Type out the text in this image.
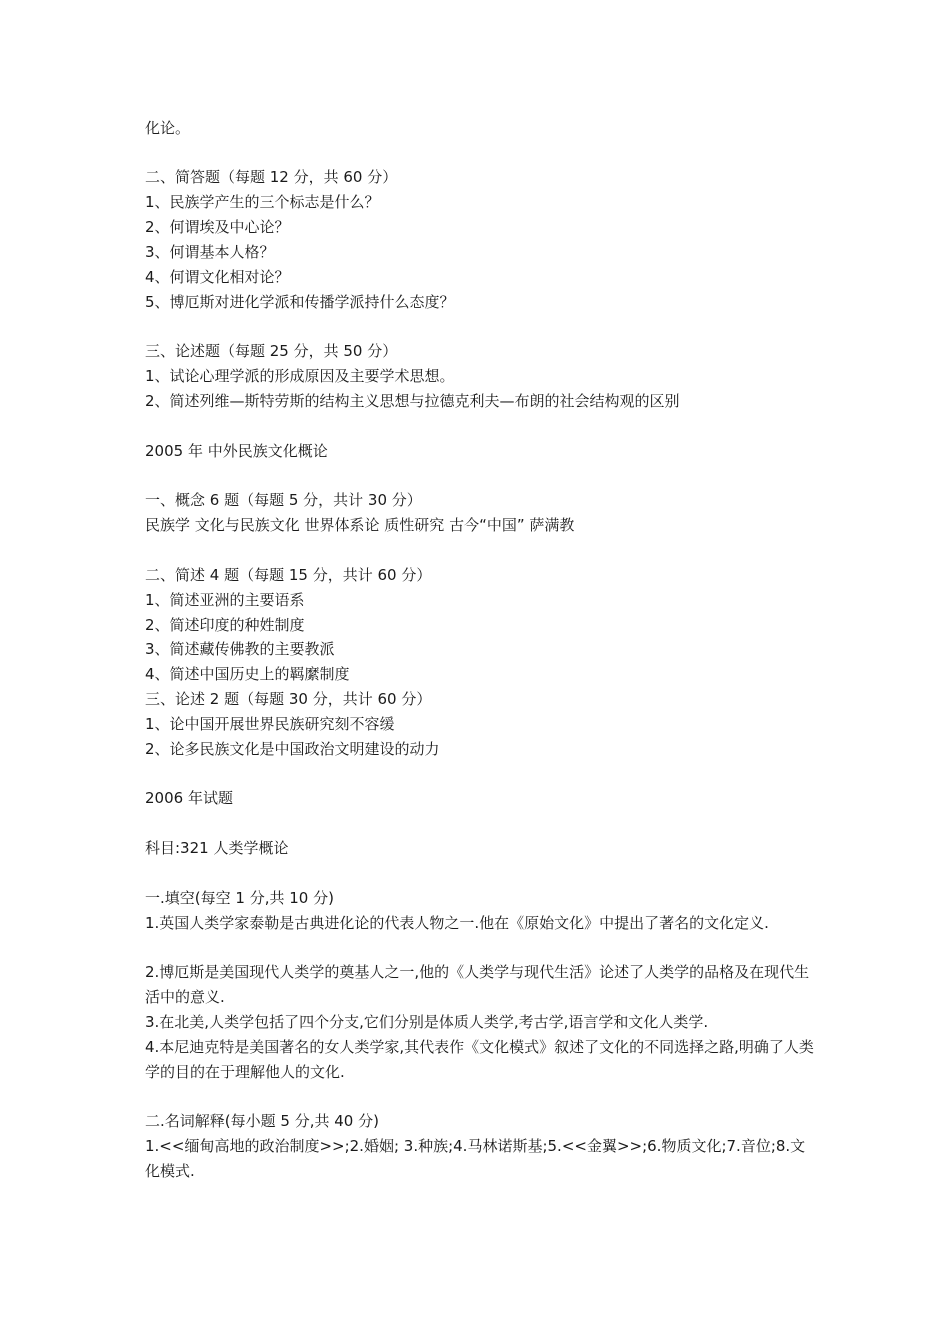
化论。

二、简答题（每题 12 分，共 60 分）

1、民族学产生的三个标志是什么？

2、何谓埃及中心论？

3、何谓基本人格？

4、何谓文化相对论？

5、博厄斯对进化学派和传播学派持什么态度？

三、论述题（每题 25 分，共 50 分）

1、试论心理学派的形成原因及主要学术思想。

2、简述列维—斯特劳斯的结构主义思想与拉德克利夫—布朗的社会结构观的区别

2005 年 中外民族文化概论

一、概念 6 题（每题 5 分，共计 30 分）

民族学 文化与民族文化 世界体系论 质性研究 古今“中国” 萨满教

二、简述 4 题（每题 15 分，共计 60 分）

1、简述亚洲的主要语系

2、简述印度的种姓制度

3、简述藏传佛教的主要教派

4、简述中国历史上的羁縻制度

三、论述 2 题（每题 30 分，共计 60 分）

1、论中国开展世界民族研究刻不容缓

2、论多民族文化是中国政治文明建设的动力

2006 年试题

科目:321 人类学概论

一.填空(每空 1 分,共 10 分)

1.英国人类学家泰勒是古典进化论的代表人物之一.他在《原始文化》中提出了著名的文化定义.

2.博厄斯是美国现代人类学的奠基人之一,他的《人类学与现代生活》论述了人类学的品格及在现代生活中的意义.

3.在北美,人类学包括了四个分支,它们分别是体质人类学,考古学,语言学和文化人类学.

4.本尼迪克特是美国著名的女人类学家,其代表作《文化模式》叙述了文化的不同选择之路,明确了人类学的目的在于理解他人的文化.

二.名词解释(每小题 5 分,共 40 分)

1.<<缅甸高地的政治制度>>;2.婚姻; 3.种族;4.马林诺斯基;5.<<金翼>>;6.物质文化;7.音位;8.文化模式.
